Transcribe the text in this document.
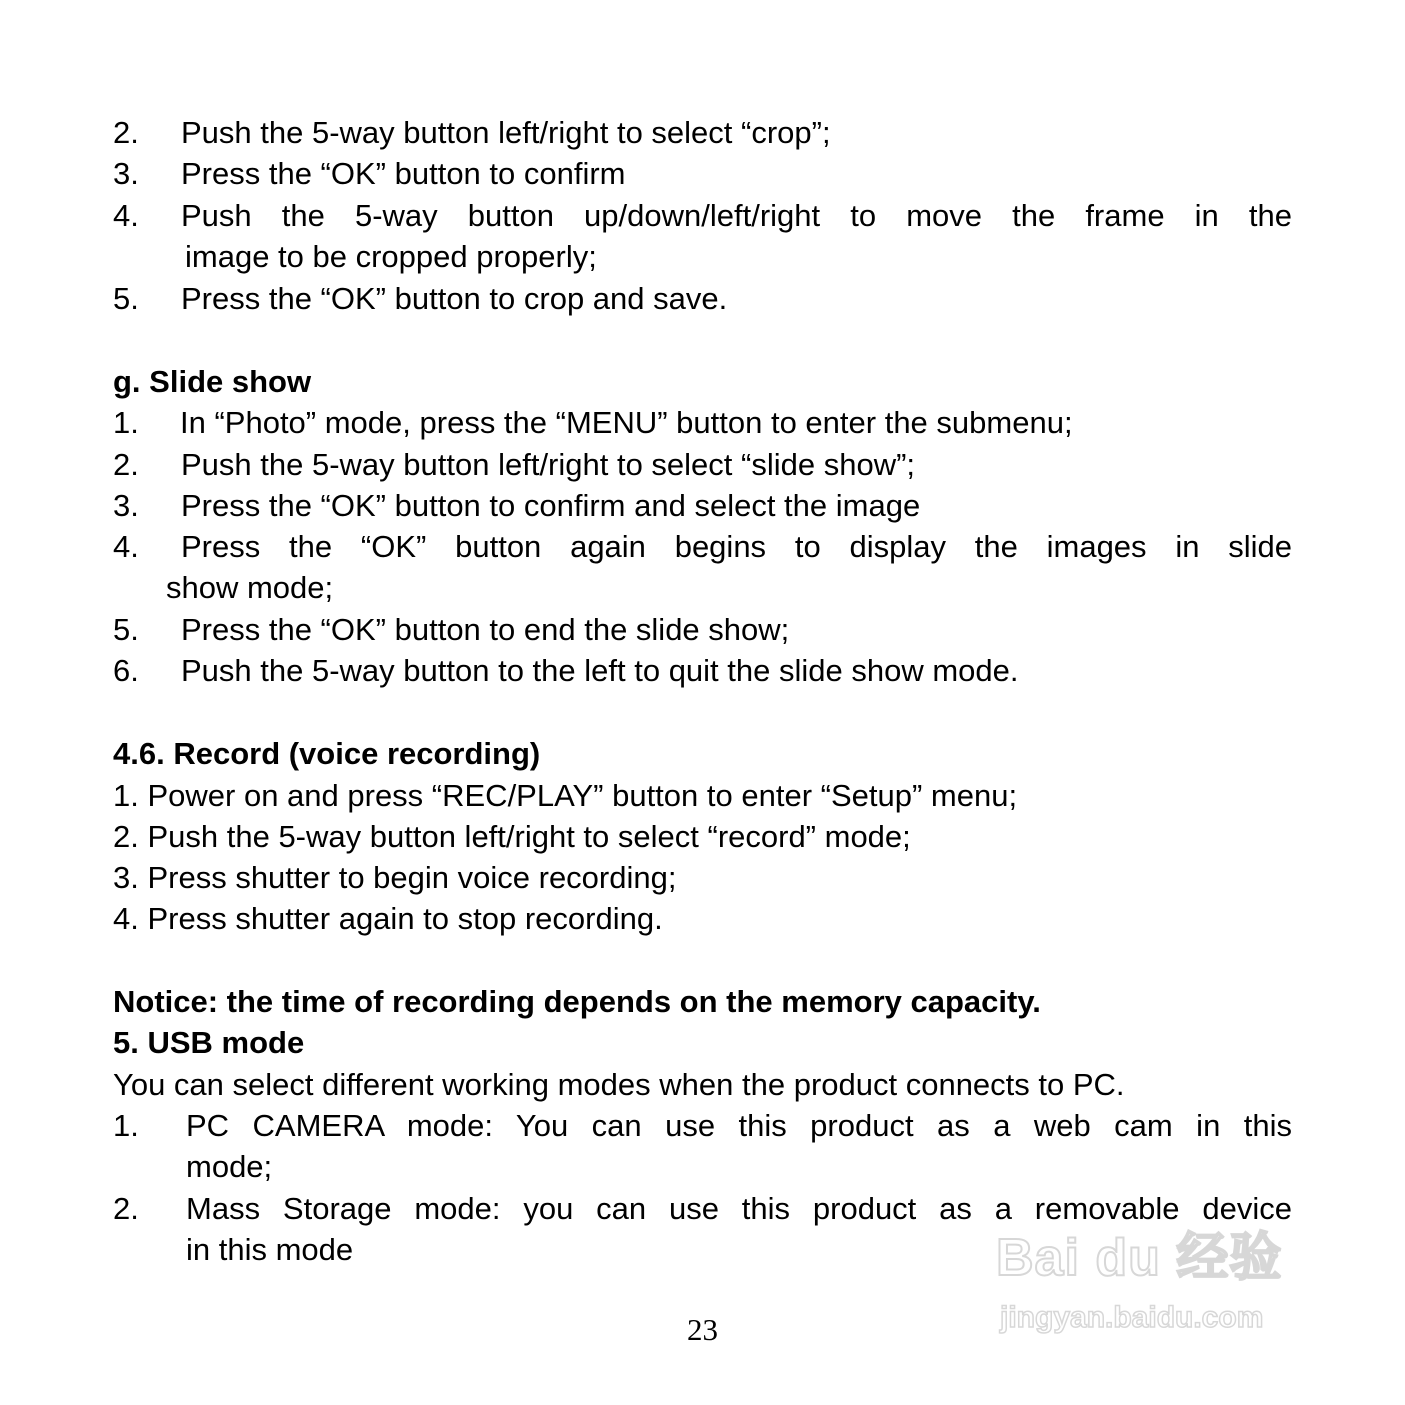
2. Push the 5-way button left/right to select “crop”;
3. Press the “OK” button to confirm
4. Push the 5-way button up/down/left/right to move the frame in the
image to be cropped properly;
5. Press the “OK” button to crop and save.
g. Slide show
1. In “Photo” mode, press the “MENU” button to enter the submenu;
2. Push the 5-way button left/right to select “slide show”;
3. Press the “OK” button to confirm and select the image
4. Press the “OK” button again begins to display the images in slide
show mode;
5. Press the “OK” button to end the slide show;
6. Push the 5-way button to the left to quit the slide show mode.
4.6. Record (voice recording)
1. Power on and press “REC/PLAY” button to enter “Setup” menu;
2. Push the 5-way button left/right to select “record” mode;
3. Press shutter to begin voice recording;
4. Press shutter again to stop recording.
Notice: the time of recording depends on the memory capacity.
5. USB mode
You can select different working modes when the product connects to PC.
1. PC CAMERA mode: You can use this product as a web cam in this
mode;
2. Mass Storage mode: you can use this product as a removable device
in this mode
23
Bai du 经验
jingyan.baidu.com
